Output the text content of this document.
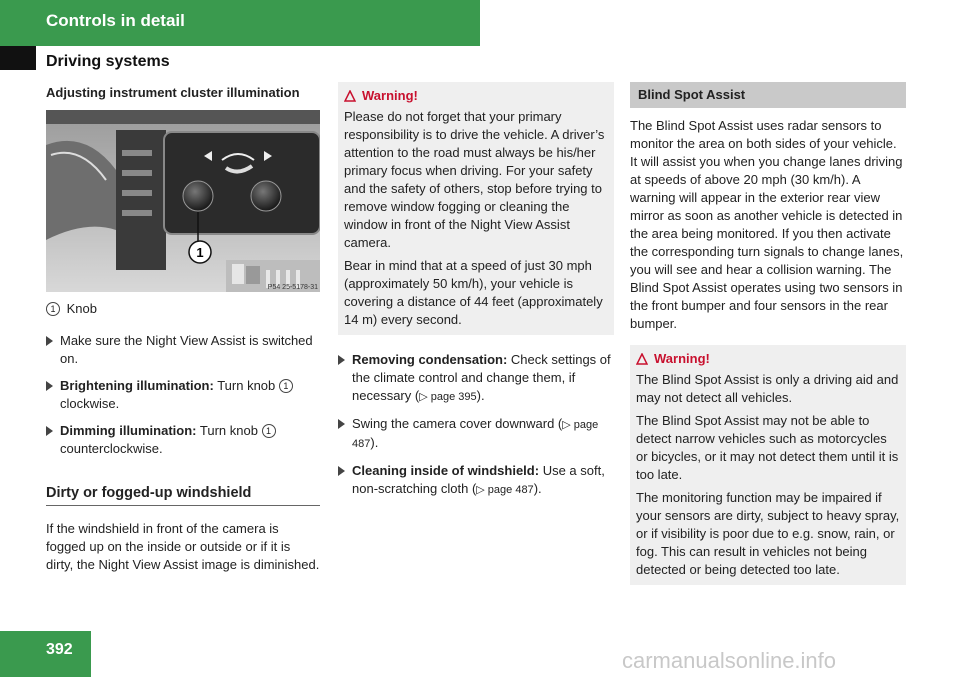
Controls in detail
Driving systems
Adjusting instrument cluster illumination
1
P54 25-5178-31
1 Knob
Make sure the Night View Assist is switched on.
Brightening illumination: Turn knob 1 clockwise.
Dimming illumination: Turn knob 1 counterclockwise.
Dirty or fogged-up windshield

If the windshield in front of the camera is fogged up on the inside or outside or if it is dirty, the Night View Assist image is diminished.

Warning!

Please do not forget that your primary responsibility is to drive the vehicle. A driver’s attention to the road must always be his/her primary focus when driving. For your safety and the safety of others, stop before trying to remove window fogging or cleaning the window in front of the Night View Assist camera.

Bear in mind that at a speed of just 30 mph (approximately 50 km/h), your vehicle is covering a distance of 44 feet (approximately 14 m) every second.

Removing condensation: Check settings of the climate control and change them, if necessary (▷ page 395).
Swing the camera cover downward (▷ page 487).
Cleaning inside of windshield: Use a soft, non-scratching cloth (▷ page 487).
Blind Spot Assist

The Blind Spot Assist uses radar sensors to monitor the area on both sides of your vehicle. It will assist you when you change lanes driving at speeds of above 20 mph (30 km/h). A warning will appear in the exterior rear view mirror as soon as another vehicle is detected in the area being monitored. If you then activate the corresponding turn signals to change lanes, you will see and hear a collision warning. The Blind Spot Assist operates using two sensors in the front bumper and four sensors in the rear bumper.

Warning!

The Blind Spot Assist is only a driving aid and may not detect all vehicles.

The Blind Spot Assist may not be able to detect narrow vehicles such as motorcycles or bicycles, or it may not detect them until it is too late.

The monitoring function may be impaired if your sensors are dirty, subject to heavy spray, or if visibility is poor due to e.g. snow, rain, or fog. This can result in vehicles not being detected or being detected too late.

392	carmanualsonline.info
